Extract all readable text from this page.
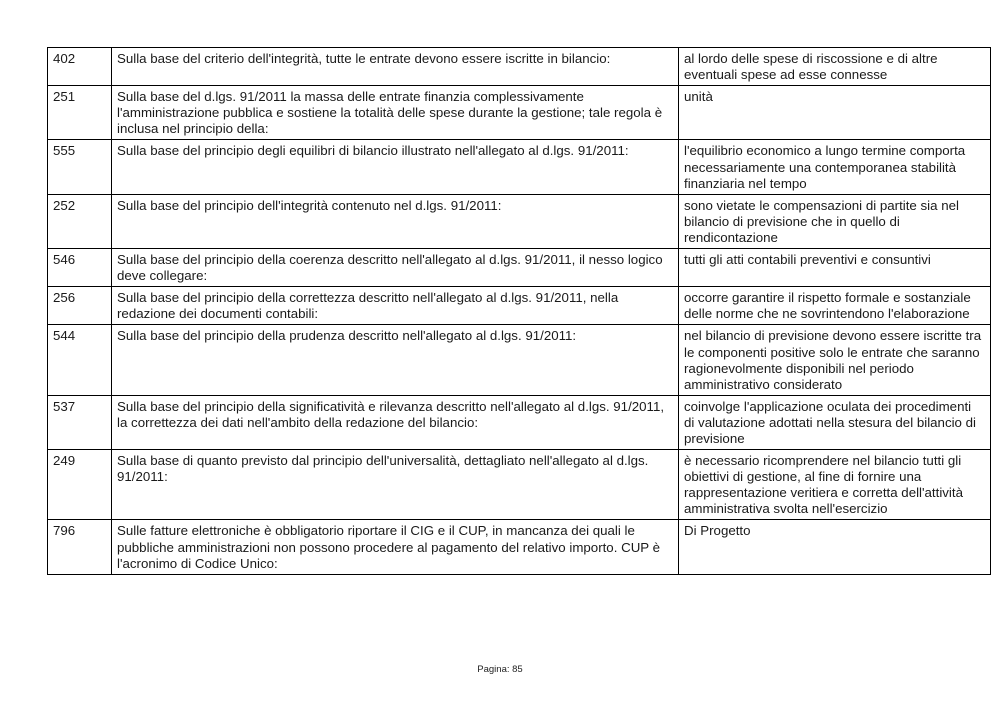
402	Sulla base del criterio dell'integrità, tutte le entrate devono essere iscritte in bilancio:	al lordo delle spese di riscossione e di altre eventuali spese ad esse connesse
251	Sulla base del d.lgs. 91/2011 la massa delle entrate finanzia complessivamente l'amministrazione pubblica e sostiene la totalità delle spese durante la gestione; tale regola è inclusa nel principio della:	unità
555	Sulla base del principio degli equilibri di bilancio illustrato nell'allegato al d.lgs. 91/2011:	l'equilibrio economico a lungo termine comporta necessariamente una contemporanea stabilità finanziaria nel tempo
252	Sulla base del principio dell'integrità contenuto nel d.lgs. 91/2011:	sono vietate le compensazioni di partite sia nel bilancio di previsione che in quello di rendicontazione
546	Sulla base del principio della coerenza descritto nell'allegato al d.lgs. 91/2011, il nesso logico deve collegare:	tutti gli atti contabili preventivi e consuntivi
256	Sulla base del principio della correttezza descritto nell'allegato al d.lgs. 91/2011, nella redazione dei documenti contabili:	occorre garantire il rispetto formale e sostanziale delle norme che ne sovrintendono l'elaborazione
544	Sulla base del principio della prudenza descritto nell'allegato al d.lgs. 91/2011:	nel bilancio di previsione devono essere iscritte tra le componenti positive solo le entrate che saranno ragionevolmente disponibili nel periodo amministrativo considerato
537	Sulla base del principio della significatività e rilevanza descritto nell'allegato al d.lgs. 91/2011, la correttezza dei dati nell'ambito della redazione del bilancio:	coinvolge l'applicazione oculata dei procedimenti di valutazione adottati nella stesura del bilancio di previsione
249	Sulla base di quanto previsto dal principio dell'universalità, dettagliato nell'allegato al d.lgs. 91/2011:	è necessario ricomprendere nel bilancio tutti gli obiettivi di gestione, al fine di fornire una rappresentazione veritiera e corretta dell'attività amministrativa svolta nell'esercizio
796	Sulle fatture elettroniche è obbligatorio riportare il CIG e il CUP, in mancanza dei quali le pubbliche amministrazioni non possono procedere al pagamento del relativo importo. CUP è l'acronimo di Codice Unico:	Di Progetto
Pagina: 85
